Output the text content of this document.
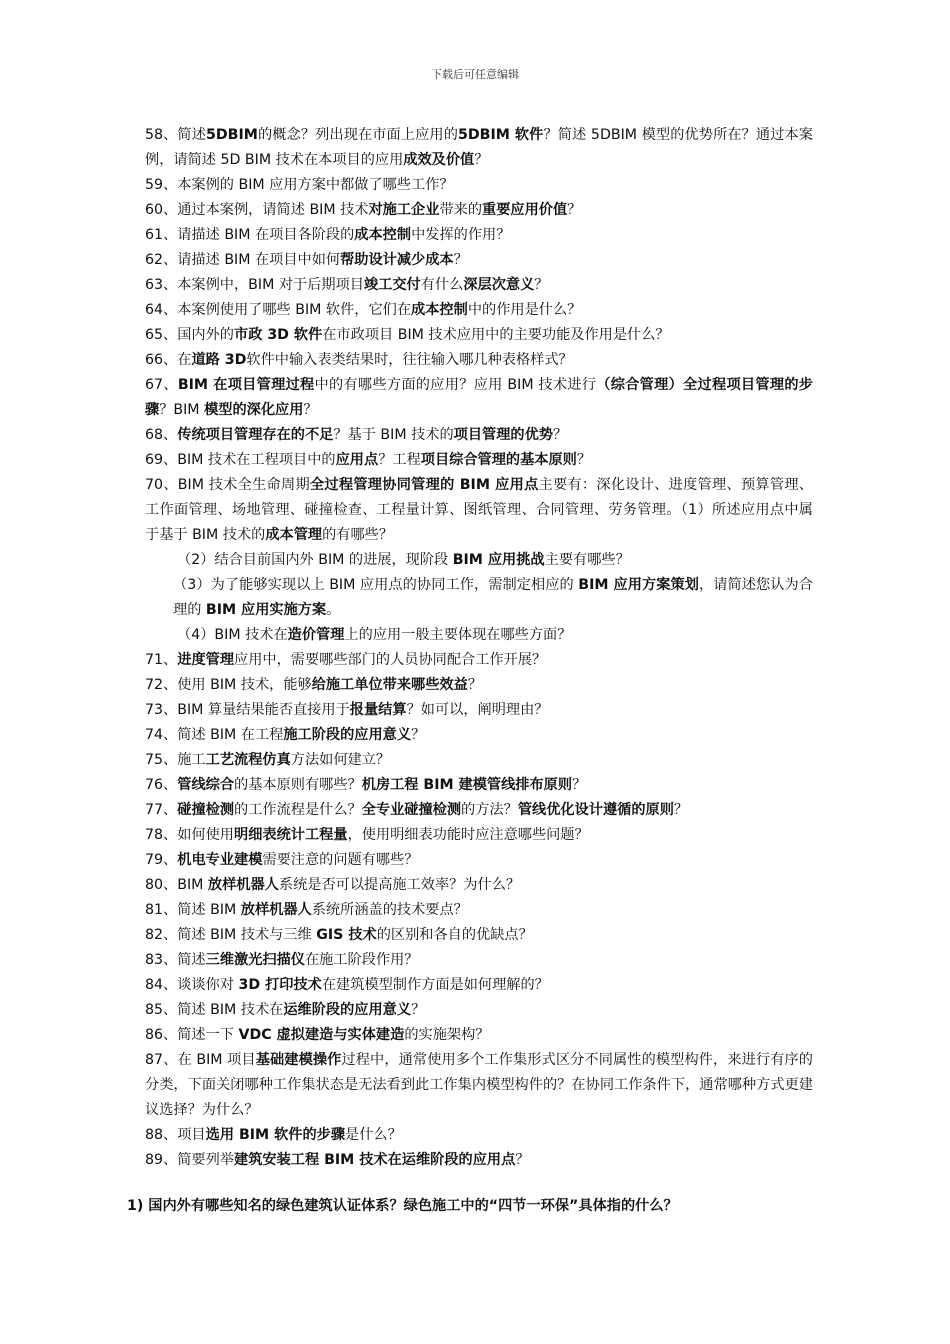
下载后可任意编辑

58、简述5DBIM的概念？列出现在市面上应用的5DBIM 软件？简述 5DBIM 模型的优势所在？通过本案例，请简述 5D BIM 技术在本项目的应用成效及价值？

59、本案例的 BIM 应用方案中都做了哪些工作？

60、通过本案例，请简述 BIM 技术对施工企业带来的重要应用价值？

61、请描述 BIM 在项目各阶段的成本控制中发挥的作用？

62、请描述 BIM 在项目中如何帮助设计减少成本？

63、本案例中，BIM 对于后期项目竣工交付有什么深层次意义？

64、本案例使用了哪些 BIM 软件，它们在成本控制中的作用是什么？

65、国内外的市政 3D 软件在市政项目 BIM 技术应用中的主要功能及作用是什么？

66、在道路 3D软件中输入表类结果时，往往输入哪几种表格样式？

67、BIM 在项目管理过程中的有哪些方面的应用？应用 BIM 技术进行（综合管理）全过程项目管理的步骤？BIM 模型的深化应用？

68、传统项目管理存在的不足？基于 BIM 技术的项目管理的优势？

69、BIM 技术在工程项目中的应用点？工程项目综合管理的基本原则？

70、BIM 技术全生命周期全过程管理协同管理的 BIM 应用点主要有：深化设计、进度管理、预算管理、工作面管理、场地管理、碰撞检查、工程量计算、图纸管理、合同管理、劳务管理。（1）所述应用点中属于基于 BIM 技术的成本管理的有哪些？

（2）结合目前国内外 BIM 的进展，现阶段 BIM 应用挑战主要有哪些？

（3）为了能够实现以上 BIM 应用点的协同工作，需制定相应的 BIM 应用方案策划，请简述您认为合理的 BIM 应用实施方案。

（4）BIM 技术在造价管理上的应用一般主要体现在哪些方面？

71、进度管理应用中，需要哪些部门的人员协同配合工作开展？

72、使用 BIM 技术，能够给施工单位带来哪些效益？

73、BIM 算量结果能否直接用于报量结算？如可以，阐明理由？

74、简述 BIM 在工程施工阶段的应用意义？

75、施工工艺流程仿真方法如何建立？

76、管线综合的基本原则有哪些？机房工程 BIM 建模管线排布原则？

77、碰撞检测的工作流程是什么？全专业碰撞检测的方法？管线优化设计遵循的原则？

78、如何使用明细表统计工程量，使用明细表功能时应注意哪些问题？

79、机电专业建模需要注意的问题有哪些？

80、BIM 放样机器人系统是否可以提高施工效率？为什么？

81、简述 BIM 放样机器人系统所涵盖的技术要点？

82、简述 BIM 技术与三维 GIS 技术的区别和各自的优缺点？

83、简述三维激光扫描仪在施工阶段作用？

84、谈谈你对 3D 打印技术在建筑模型制作方面是如何理解的？

85、简述 BIM 技术在运维阶段的应用意义？

86、简述一下 VDC 虚拟建造与实体建造的实施架构？

87、在 BIM 项目基础建模操作过程中，通常使用多个工作集形式区分不同属性的模型构件，来进行有序的分类，下面关闭哪种工作集状态是无法看到此工作集内模型构件的？在协同工作条件下，通常哪种方式更建议选择？为什么？

88、项目选用 BIM 软件的步骤是什么？

89、简要列举建筑安装工程 BIM 技术在运维阶段的应用点？

1) 国内外有哪些知名的绿色建筑认证体系？绿色施工中的“四节一环保”具体指的什么？
